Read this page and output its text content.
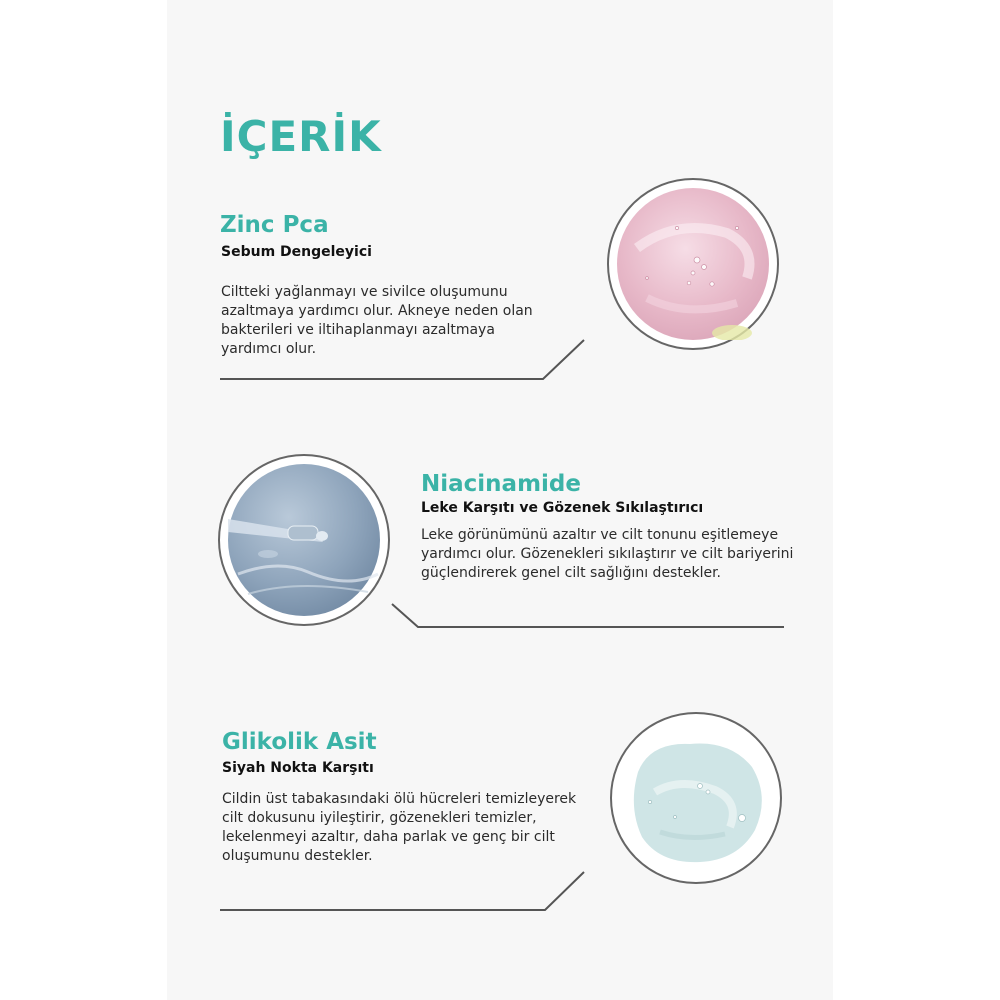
İÇERİK
Zinc Pca
Sebum Dengeleyici

Ciltteki yağlanmayı ve sivilce oluşumunu azaltmaya yardımcı olur. Akneye neden olan bakterileri ve iltihaplanmayı azaltmaya yardımcı olur.

Niacinamide
Leke Karşıtı ve Gözenek Sıkılaştırıcı

Leke görünümünü azaltır ve cilt tonunu eşitlemeye yardımcı olur. Gözenekleri sıkılaştırır ve cilt bariyerini güçlendirerek genel cilt sağlığını destekler.

Glikolik Asit
Siyah Nokta Karşıtı

Cildin üst tabakasındaki ölü hücreleri temizleyerek cilt dokusunu iyileştirir, gözenekleri temizler, lekelenmeyi azaltır, daha parlak ve genç bir cilt oluşumunu destekler.
